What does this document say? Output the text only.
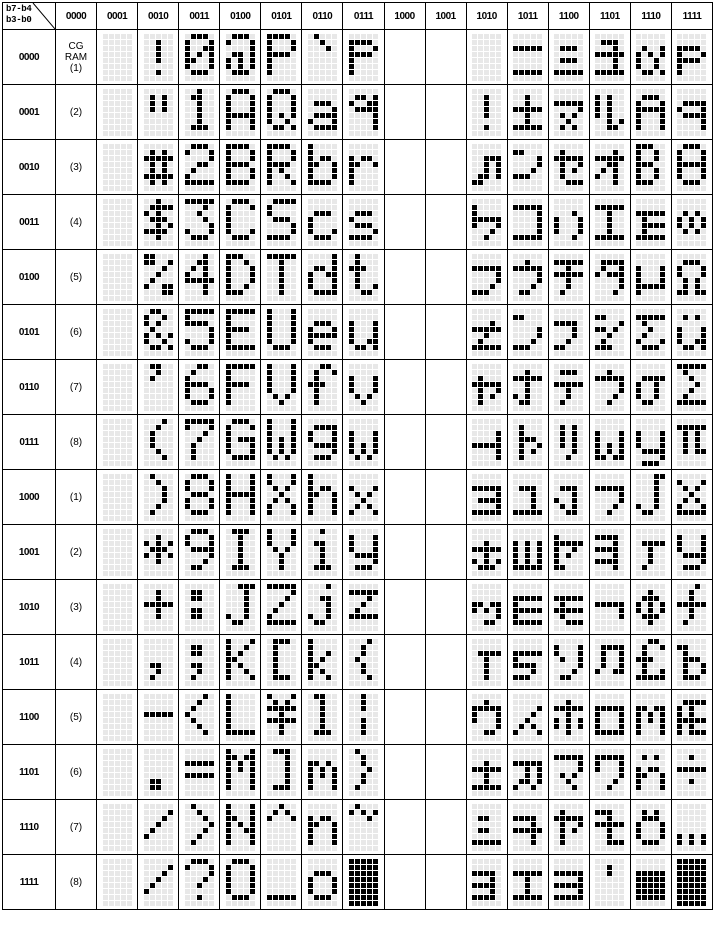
b7-b4
b3-b0	0000	0001	0010	0011	0100	0101	0110	0111	1000	1001	1010	1011	1100	1101	1110	1111
0000	CG
RAM
(1)	

0001	(2)	

0010	(3)	

0011	(4)	

0100	(5)	

0101	(6)	

0110	(7)	

0111	(8)	

1000	(1)	

1001	(2)	

1010	(3)	

1011	(4)	

1100	(5)	

1101	(6)	

1110	(7)	

1111	(8)	
